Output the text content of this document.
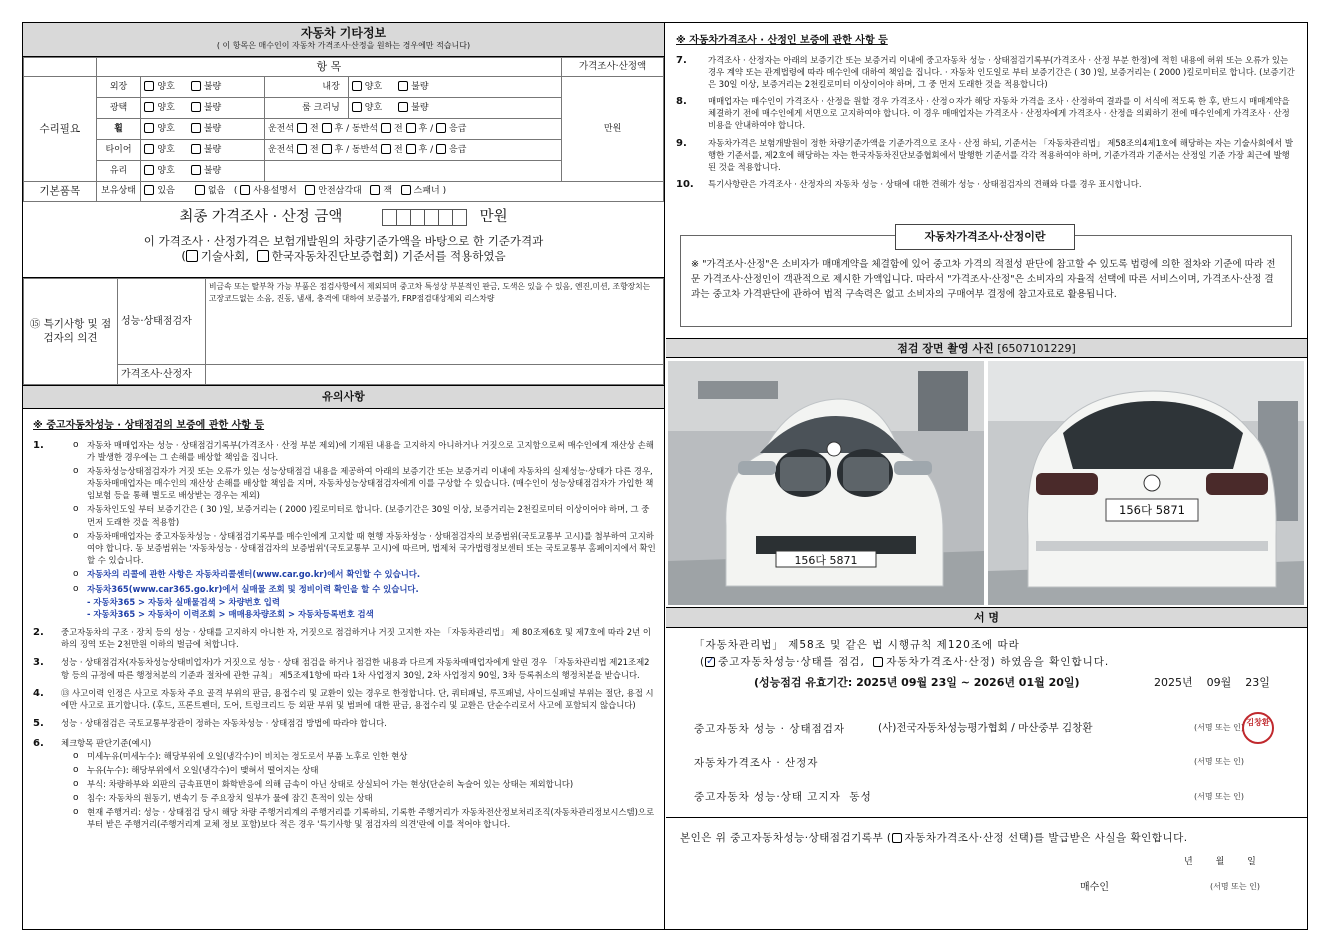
자동차 기타정보
( 이 항목은 매수인이 자동차 가격조사·산정을 원하는 경우에만 적습니다)
	항 목				가격조사·산정액
수리필요	외장	양호 불량	내장	양호 불량	만원
	광택	양호 불량	룸 크리닝	양호 불량	
	휠	양호 불량	운전석 전 후 / 동반석 전 후 / 응급		
	타이어	양호 불량	운전석 전 후 / 동반석 전 후 / 응급		
	유리	양호 불량			
기본품목	보유상태	있음 없음 ( 사용설명서 안전삼각대 잭 스패너 )			
최종 가격조사 · 산정 금액	만원
이 가격조사 · 산정가격은 보험개발원의 차량기준가액을 바탕으로 한 기준가격과
( 기술사회, 한국자동차진단보증협회) 기준서를 적용하였음
⑮ 특기사항 및 점검자의 의견	성능·상태점검자	비금속 또는 탈부착 가능 부품은 점검사항에서 제외되며 중고차 특성상 부분적인 판금, 도색은 있을 수 있음, 엔진,미션, 조향장치는 고장코드없는 소음, 진동, 냄새, 충격에 대하여 보증불가, FRP점검대상제외 리스차량
	가격조사·산정자	
유의사항
※ 중고자동차성능 · 상태점검의 보증에 관한 사항 등
1.	o	자동차 매매업자는 성능 · 상태점검기록부(가격조사 · 산정 부분 제외)에 기재된 내용을 고지하지 아니하거나 거짓으로 고지함으로써 매수인에게 재산상 손해가 발생한 경우에는 그 손해를 배상할 책임을 집니다.
o	자동차성능상태점검자가 거짓 또는 오류가 있는 성능상태점검 내용을 제공하여 아래의 보증기간 또는 보증거리 이내에 자동차의 실제성능·상태가 다른 경우, 자동차매매업자는 매수인의 재산상 손해를 배상할 책임을 지며, 자동차성능상태점검자에게 이를 구상할 수 있습니다. (매수인이 성능상태점검자가 가입한 책임보험 등을 통해 별도로 배상받는 경우는 제외)
o	자동차인도일 부터 보증기간은 ( 30 )일, 보증거리는 ( 2000 )킬로미터로 합니다. (보증기간은 30일 이상, 보증거리는 2천킬로미터 이상이어야 하며, 그 중 먼저 도래한 것을 적용함)
o	자동차매매업자는 중고자동차성능 · 상태점검기록부를 매수인에게 고지할 때 현행 자동차성능 · 상태점검자의 보증범위(국토교통부 고시)를 첨부하여 고지하여야 합니다. 동 보증범위는 '자동차성능 · 상태점검자의 보증범위'(국토교통부 고시)에 따르며, 법제처 국가법령정보센터 또는 국토교통부 홈페이지에서 확인할 수 있습니다.
o	자동차의 리콜에 관한 사항은 자동차리콜센터(www.car.go.kr)에서 확인할 수 있습니다.
o	자동차365(www.car365.go.kr)에서 실매물 조회 및 정비이력 확인을 할 수 있습니다.
- 자동차365 > 자동차 실매물검색 > 차량번호 입력
- 자동차365 > 자동차이 이력조회 > 매매용차량조회 > 자동차등록번호 검색
2.	중고자동차의 구조 · 장치 등의 성능 · 상태를 고지하지 아니한 자, 거짓으로 점검하거나 거짓 고지한 자는 「자동차관리법」 제 80조제6호 및 제7호에 따라 2년 이하의 징역 또는 2천만원 이하의 벌금에 처합니다.
3.	성능 · 상태점검자(자동차성능상태비업자)가 거짓으로 성능 · 상태 점검을 하거나 점검한 내용과 다르게 자동차매매업자에게 알린 경우 「자동차관리법 제21조제2항 등의 규정에 따른 행정처분의 기준과 절차에 관한 규칙」 제5조제1항에 따라 1차 사업정지 30일, 2차 사업정지 90일, 3차 등록취소의 행정처분을 받습니다.
4.	⑬ 사고이력 인정은 사고로 자동차 주요 골격 부위의 판금, 용접수리 및 교환이 있는 경우로 한정합니다. 단, 쿼터패널, 루프패널, 사이드실패널 부위는 절단, 용접 시에만 사고로 표기합니다. (후드, 프론트펜더, 도어, 트렁크리드 등 외판 부위 및 범퍼에 대한 판금, 용접수리 및 교환은 단순수리로서 사고에 포함되지 않습니다)
5.	성능 · 상태점검은 국토교통부장관이 정하는 자동차성능 · 상태점검 방법에 따라야 합니다.
6.	체크항목 판단기준(예시)
o	미세누유(미세누수): 해당부위에 오일(냉각수)이 비치는 정도로서 부품 노후로 인한 현상
o	누유(누수): 해당부위에서 오일(냉각수)이 맺혀서 떨어지는 상태
o	부식: 차량하부와 외판의 금속표면이 화학반응에 의해 금속이 아닌 상태로 상실되어 가는 현상(단순히 녹슬어 있는 상태는 제외합니다)
o	침수: 자동차의 원동기, 변속기 등 주요장치 일부가 물에 잠긴 흔적이 있는 상태
o	현재 주행거리: 성능 · 상태점검 당시 해당 차량 주행거리계의 주행거리를 기록하되, 기록한 주행거리가 자동차전산정보처리조직(자동차관리정보시스템)으로부터 받은 주행거리(주행거리계 교체 정보 포함)보다 적은 경우 '특기사항 및 점검자의 의견'란에 이를 적어야 합니다.
※ 자동차가격조사 · 산정인 보증에 관한 사항 등
7.	가격조사 · 산정자는 아래의 보증기간 또는 보증거리 이내에 중고자동차 성능 · 상태점검기록부(가격조사 · 산정 부분 한정)에 적힌 내용에 허위 또는 오류가 있는 경우 계약 또는 관계법령에 따라 매수인에 대하여 책임을 집니다. · 자동차 인도일로 부터 보증기간은 ( 30 )일, 보증거리는 ( 2000 )킬로미터로 합니다. (보증기간은 30일 이상, 보증거리는 2천킬로미터 이상이어야 하며, 그 중 먼저 도래한 것을 적용합니다)
8.	매매업자는 매수인이 가격조사 · 산정을 원할 경우 가격조사 · 산정ㅇ자가 해당 자동차 가격을 조사 · 산정하여 결과를 이 서식에 적도록 한 후, 반드시 매매계약을 체결하기 전에 매수인에게 서면으로 고지하여야 합니다. 이 경우 매매업자는 가격조사 · 산정자에게 가격조사 · 산정을 의뢰하기 전에 매수인에게 가격조사 · 산정 비용을 안내하여야 합니다.
9.	자동차가격은 보험개발원이 정한 차량기준가액을 기준가격으로 조사 · 산정 하되, 기준서는 「자동차관리법」 제58조의4제1호에 해당하는 자는 기술사회에서 발행한 기준서를, 제2호에 해당하는 자는 한국자동차진단보증협회에서 발행한 기준서를 각각 적용하여야 하며, 기준가격과 기준서는 산정일 기준 가장 최근에 발행된 것을 적용합니다.
10.	특기사항란은 가격조사 · 산정자의 자동차 성능 · 상태에 대한 견해가 성능 · 상태점검자의 견해와 다를 경우 표시합니다.
자동차가격조사·산정이란
※ "가격조사·산정"은 소비자가 매매계약을 체결함에 있어 중고차 가격의 적절성 판단에 참고할 수 있도록 법령에 의한 절차와 기준에 따라 전문 가격조사·산정인이 객관적으로 제시한 가액입니다. 따라서 "가격조사·산정"은 소비자의 자율적 선택에 따른 서비스이며, 가격조사·산정 결과는 중고차 가격판단에 관하여 법적 구속력은 없고 소비자의 구매여부 결정에 참고자료로 활용됩니다.
점검 장면 촬영 사진 [6507101229]
156다 5871
156다 5871
서 명
「자동차관리법」 제58조 및 같은 법 시행규칙 제120조에 따라
( ✓ 중고자동차성능·상태를 점검, 자동차가격조사·산정) 하였음을 확인합니다.
(성능점검 유효기간: 2025년 09월 23일 ~ 2026년 01월 20일)	2025년    09월    23일
중고자동차 성능 · 상태점검자	(사)전국자동차성능평가협회 / 마산중부 김창환	(서명 또는 인)
김창환
자동차가격조사 · 산정자	(서명 또는 인)
중고자동차 성능·상태 고지자 동성	(서명 또는 인)
본인은 위 중고자동차성능·상태점검기록부 ( 자동차가격조사·산정 선택)를 발급받은 사실을 확인합니다.
년        월        일
매수인	(서명 또는 인)
